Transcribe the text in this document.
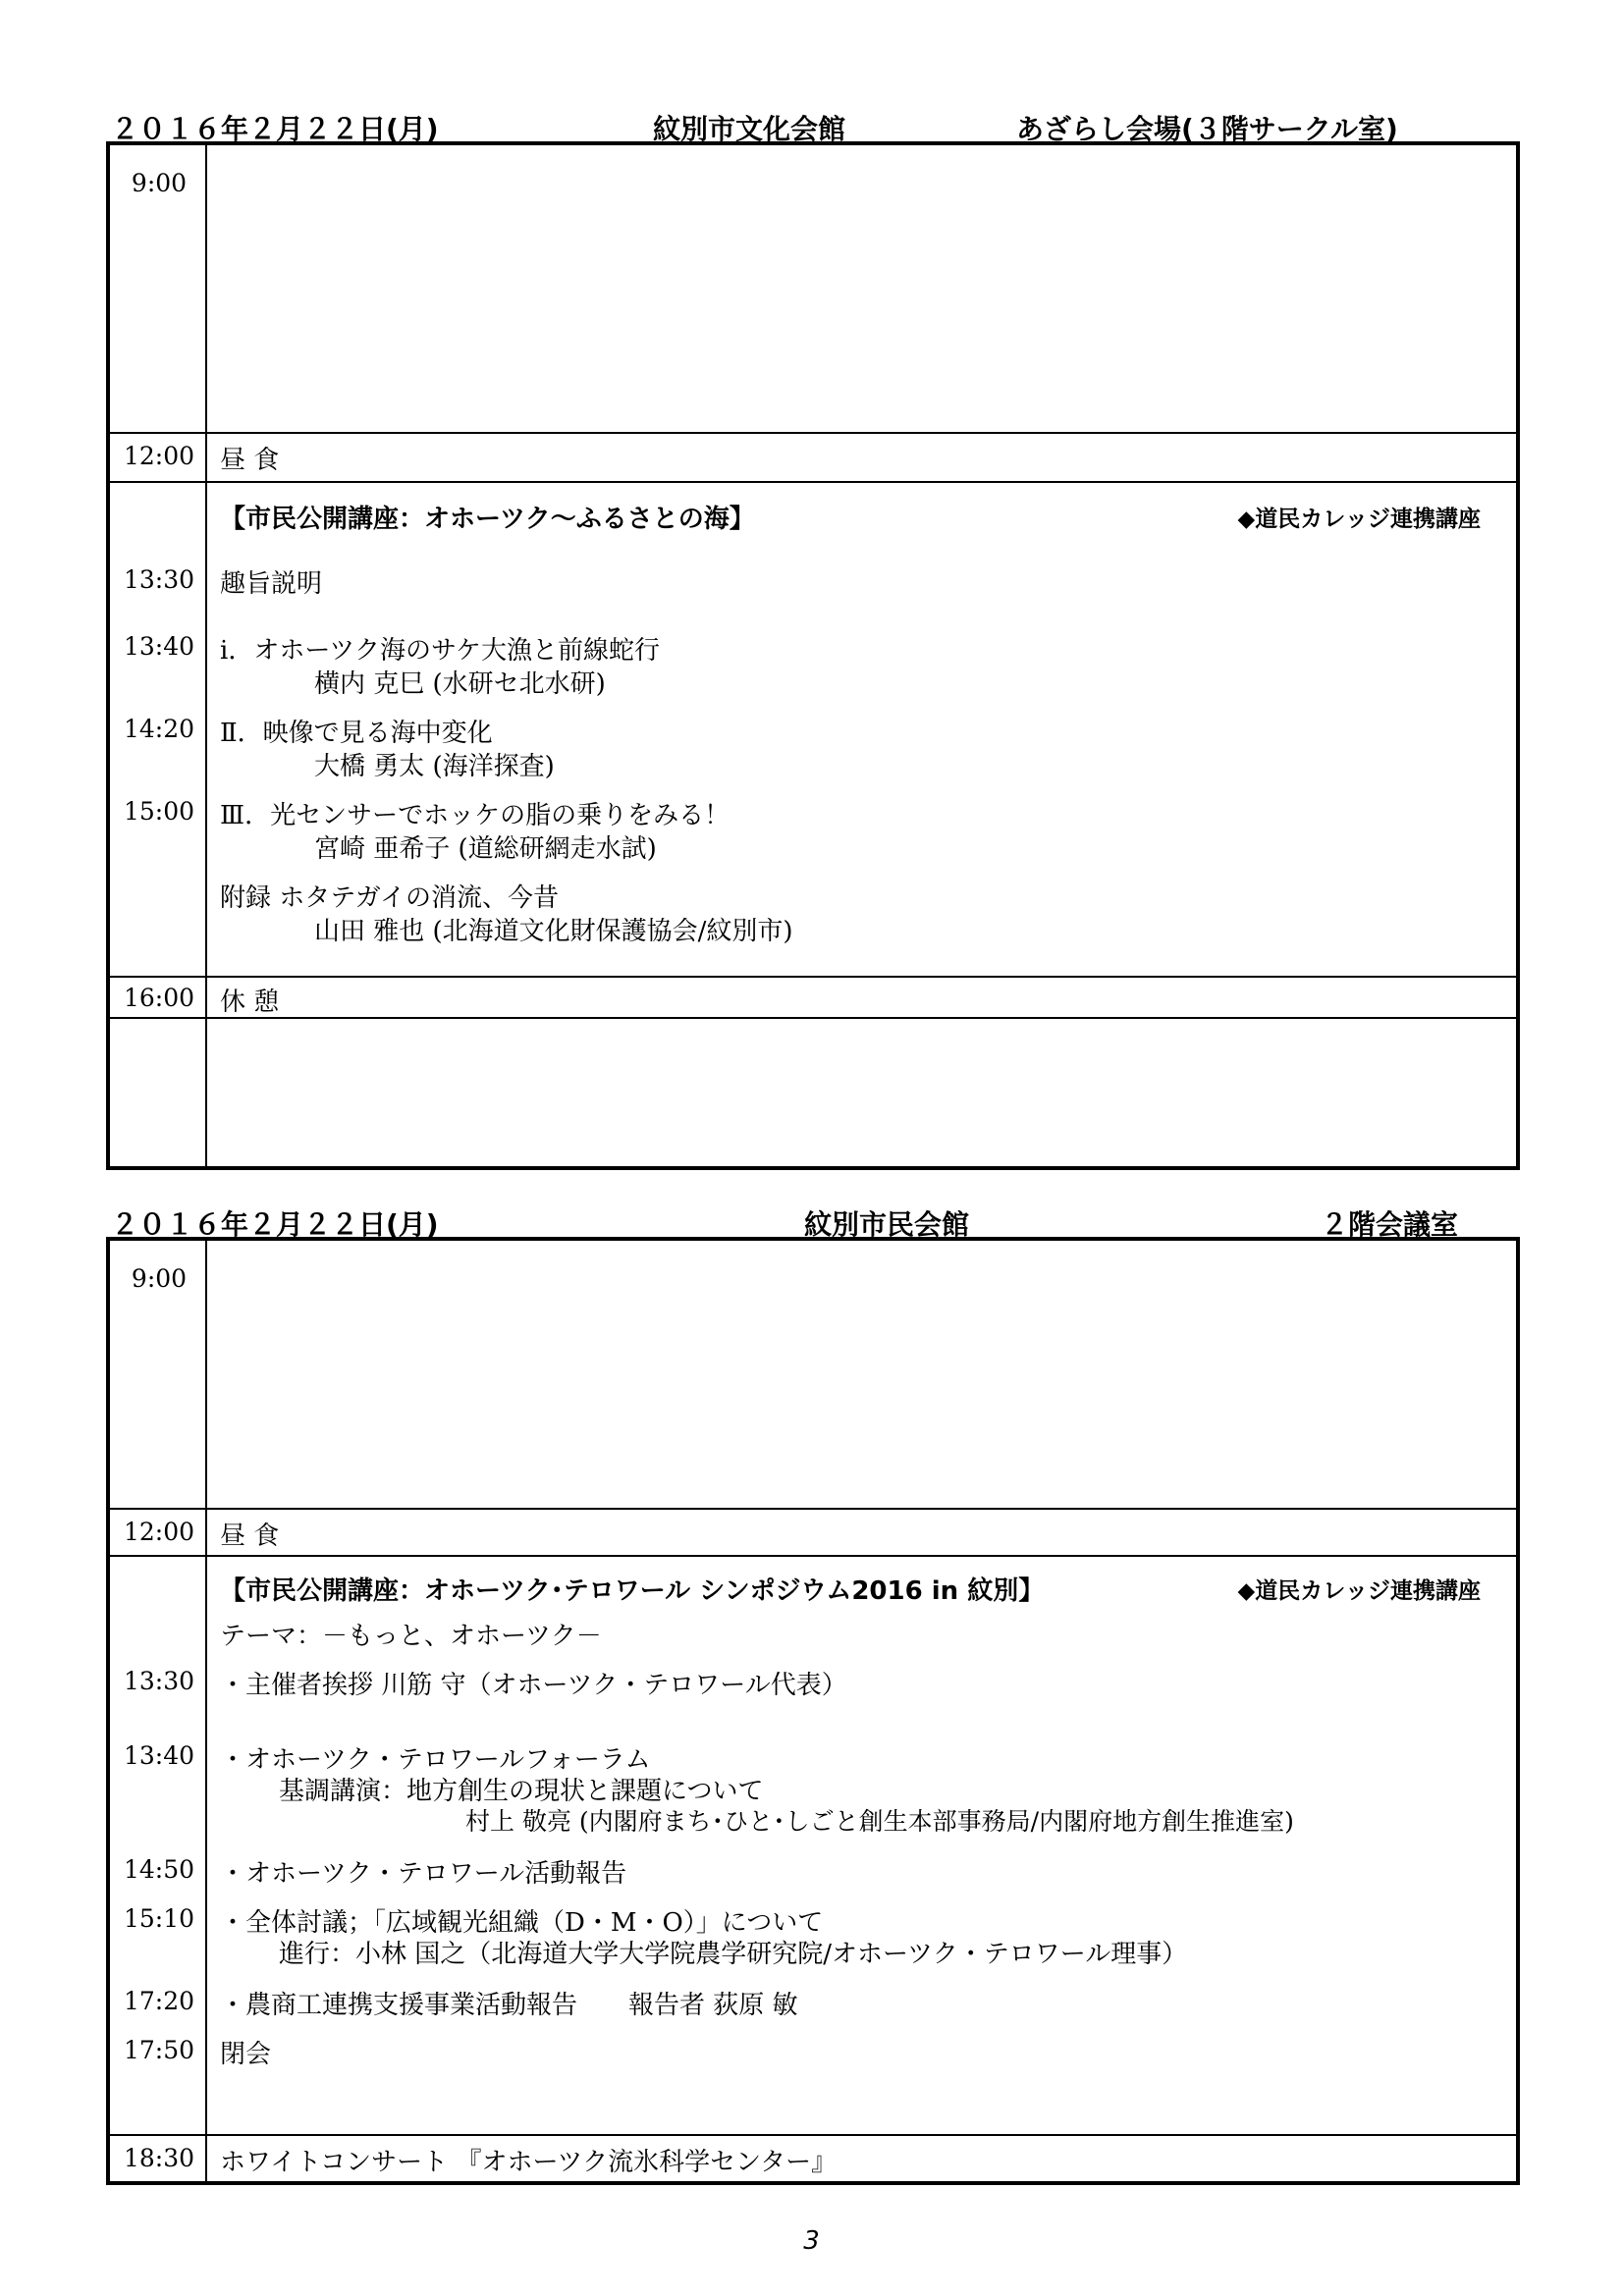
２０１６年２月２２日(月)	紋別市文化会館	あざらし会場(３階サークル室)
9:00
12:00 昼 食
【市民公開講座：オホーツク～ふるさとの海】	◆道民カレッジ連携講座
13:30 趣旨説明
13:40 ⅰ．オホーツク海のサケ大漁と前線蛇行
横内 克巳 (水研セ北水研)
14:20 Ⅱ．映像で見る海中変化
大橋 勇太 (海洋探査)
15:00 Ⅲ．光センサーでホッケの脂の乗りをみる！
宮崎 亜希子 (道総研網走水試)
附録 ホタテガイの消流、今昔
山田 雅也 (北海道文化財保護協会/紋別市)
16:00 休 憩
２０１６年２月２２日(月)	紋別市民会館	２階会議室
9:00
12:00 昼 食
【市民公開講座：オホーツク･テロワール シンポジウム2016 in 紋別】	◆道民カレッジ連携講座
テーマ：－もっと、オホーツク－
13:30 ・主催者挨拶 川筋 守（オホーツク・テロワール代表）
13:40 ・オホーツク・テロワールフォーラム
基調講演：地方創生の現状と課題について
村上 敬亮 (内閣府まち･ひと･しごと創生本部事務局/内閣府地方創生推進室)
14:50 ・オホーツク・テロワール活動報告
15:10 ・全体討議；「広域観光組織（D・M・O）」について
進行：小林 国之（北海道大学大学院農学研究院/オホーツク・テロワール理事）
17:20 ・農商工連携支援事業活動報告　　報告者 荻原 敏
17:50 閉会
18:30 ホワイトコンサート 『オホーツク流氷科学センター』
3
